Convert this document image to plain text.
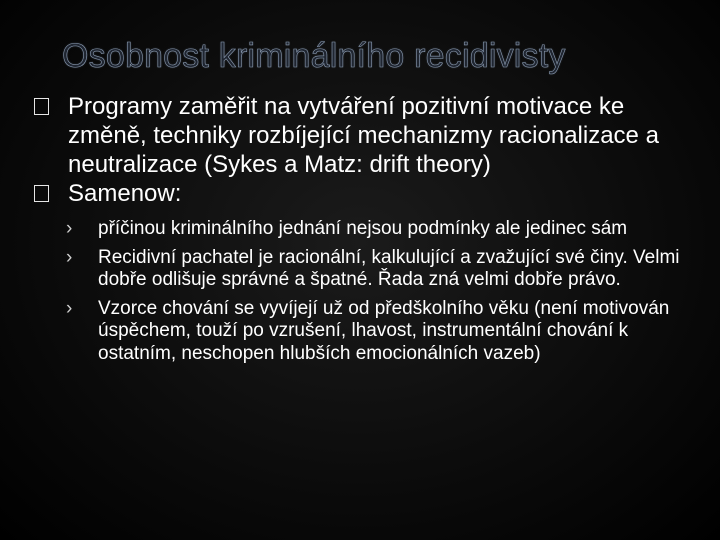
Osobnost kriminálního recidivisty
Programy zaměřit na vytváření pozitivní motivace ke změně, techniky rozbíjející mechanizmy racionalizace a neutralizace (Sykes a Matz: drift theory)
Samenow:
› příčinou kriminálního jednání nejsou podmínky ale jedinec sám
› Recidivní pachatel je racionální, kalkulující a zvažující své činy. Velmi dobře odlišuje správné a špatné. Řada zná velmi dobře právo.
› Vzorce chování se vyvíjejí už od předškolního věku (není motivován úspěchem, touží po vzrušení, lhavost, instrumentální chování k ostatním, neschopen hlubších emocionálních vazeb)
